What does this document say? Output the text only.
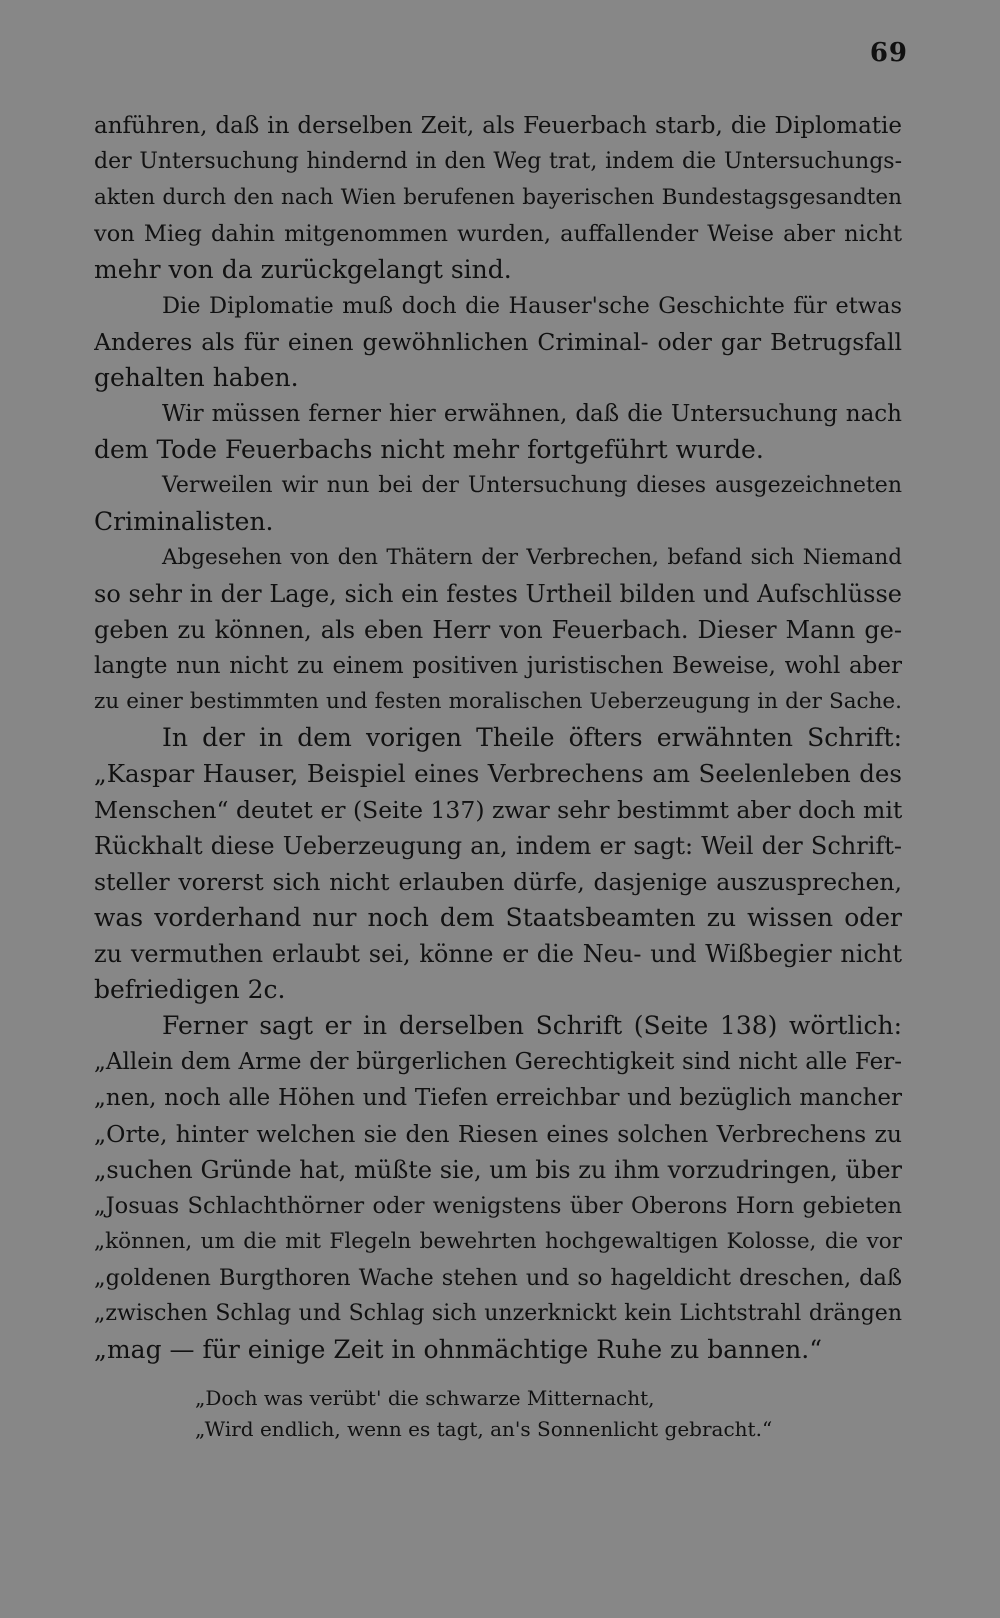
69
anführen, daß in derselben Zeit, als Feuerbach starb, die Diplomatie
der Untersuchung hindernd in den Weg trat, indem die Untersuchungs-
akten durch den nach Wien berufenen bayerischen Bundestagsgesandten
von Mieg dahin mitgenommen wurden, auffallender Weise aber nicht
mehr von da zurückgelangt sind.
Die Diplomatie muß doch die Hauser'sche Geschichte für etwas
Anderes als für einen gewöhnlichen Criminal- oder gar Betrugsfall
gehalten haben.
Wir müssen ferner hier erwähnen, daß die Untersuchung nach
dem Tode Feuerbachs nicht mehr fortgeführt wurde.
Verweilen wir nun bei der Untersuchung dieses ausgezeichneten
Criminalisten.
Abgesehen von den Thätern der Verbrechen, befand sich Niemand
so sehr in der Lage, sich ein festes Urtheil bilden und Aufschlüsse
geben zu können, als eben Herr von Feuerbach. Dieser Mann ge-
langte nun nicht zu einem positiven juristischen Beweise, wohl aber
zu einer bestimmten und festen moralischen Ueberzeugung in der Sache.
In der in dem vorigen Theile öfters erwähnten Schrift:
„Kaspar Hauser, Beispiel eines Verbrechens am Seelenleben des
Menschen“ deutet er (Seite 137) zwar sehr bestimmt aber doch mit
Rückhalt diese Ueberzeugung an, indem er sagt: Weil der Schrift-
steller vorerst sich nicht erlauben dürfe, dasjenige auszusprechen,
was vorderhand nur noch dem Staatsbeamten zu wissen oder
zu vermuthen erlaubt sei, könne er die Neu- und Wißbegier nicht
befriedigen 2c.
Ferner sagt er in derselben Schrift (Seite 138) wörtlich:
„Allein dem Arme der bürgerlichen Gerechtigkeit sind nicht alle Fer-
„nen, noch alle Höhen und Tiefen erreichbar und bezüglich mancher
„Orte, hinter welchen sie den Riesen eines solchen Verbrechens zu
„suchen Gründe hat, müßte sie, um bis zu ihm vorzudringen, über
„Josuas Schlachthörner oder wenigstens über Oberons Horn gebieten
„können, um die mit Flegeln bewehrten hochgewaltigen Kolosse, die vor
„goldenen Burgthoren Wache stehen und so hageldicht dreschen, daß
„zwischen Schlag und Schlag sich unzerknickt kein Lichtstrahl drängen
„mag — für einige Zeit in ohnmächtige Ruhe zu bannen.“
„Doch was verübt' die schwarze Mitternacht,
„Wird endlich, wenn es tagt, an's Sonnenlicht gebracht.“
